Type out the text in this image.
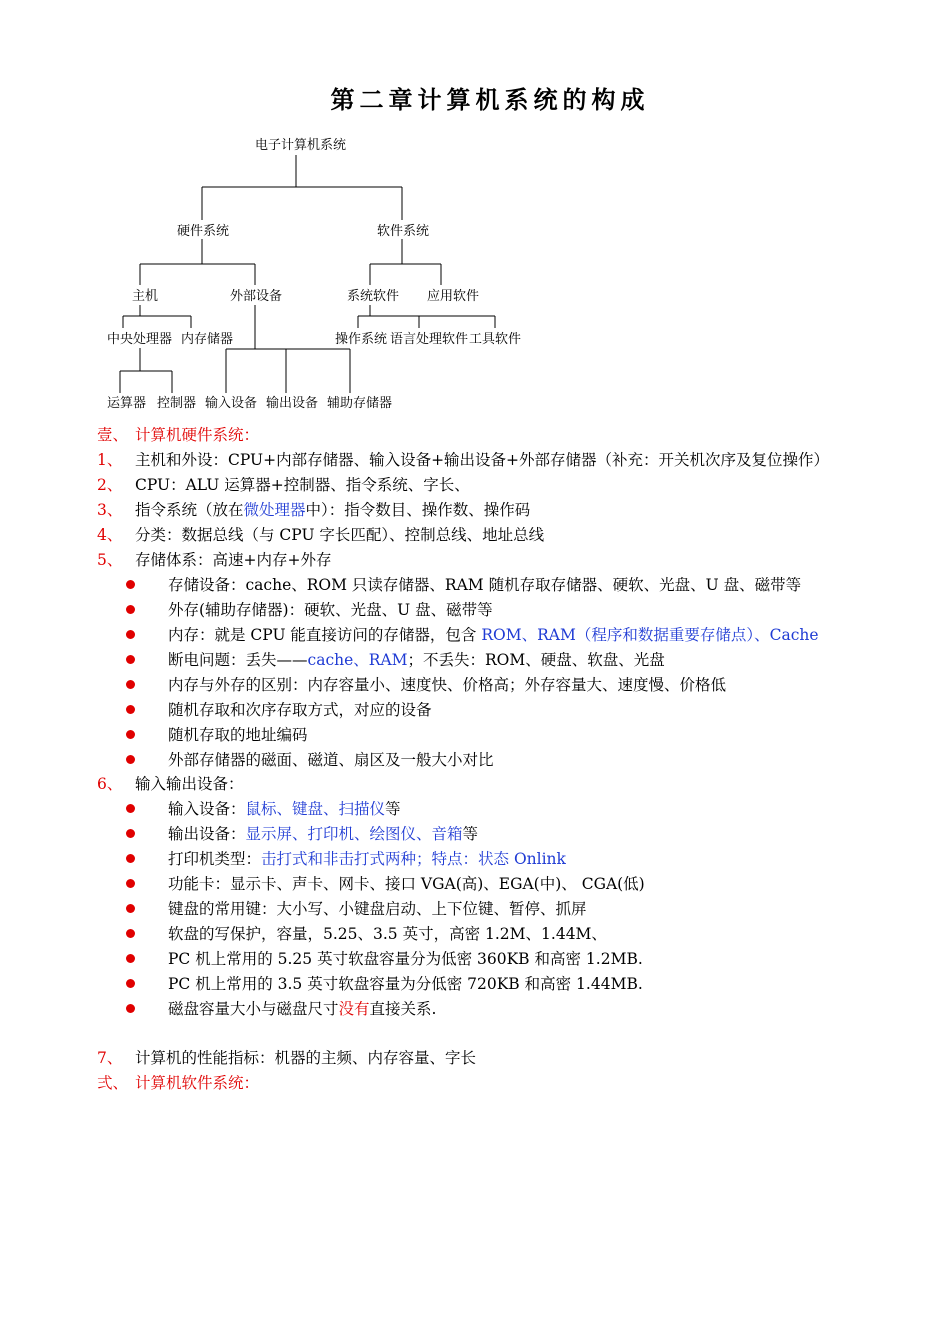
第二章计算机系统的构成
电子计算机系统
硬件系统	软件系统
主机	外部设备	系统软件 应用软件
中央处理器 内存储器	操作系统 语言处理软件 工具软件
运算器 控制器 输入设备 输出设备 辅助存储器
壹、 计算机硬件系统：
1、 主机和外设：CPU+内部存储器、输入设备+输出设备+外部存储器（补充：开关机次序及复位操作）
2、 CPU：ALU 运算器+控制器、指令系统、字长、
3、 指令系统（放在微处理器中）：指令数目、操作数、操作码
4、 分类：数据总线（与 CPU 字长匹配）、控制总线、地址总线
5、 存储体系：高速+内存+外存
存储设备：cache、ROM 只读存储器、RAM 随机存取存储器、硬软、光盘、U 盘、磁带等
外存(辅助存储器)：硬软、光盘、U 盘、磁带等
内存：就是 CPU 能直接访问的存储器，包含 ROM、RAM（程序和数据重要存储点）、Cache
断电问题：丢失——cache、RAM；不丢失：ROM、硬盘、软盘、光盘
内存与外存的区别：内存容量小、速度快、价格高；外存容量大、速度慢、价格低
随机存取和次序存取方式，对应的设备
随机存取的地址编码
外部存储器的磁面、磁道、扇区及一般大小对比
6、 输入输出设备：
输入设备：鼠标、键盘、扫描仪等
输出设备：显示屏、打印机、绘图仪、音箱等
打印机类型：击打式和非击打式两种；特点：状态 Onlink
功能卡：显示卡、声卡、网卡、接口 VGA(高)、EGA(中)、 CGA(低)
键盘的常用键：大小写、小键盘启动、上下位键、暂停、抓屏
软盘的写保护，容量，5.25、3.5 英寸，高密 1.2M、1.44M、
PC 机上常用的 5.25 英寸软盘容量分为低密 360KB 和高密 1.2MB.
PC 机上常用的 3.5 英寸软盘容量为分低密 720KB 和高密 1.44MB.
磁盘容量大小与磁盘尺寸没有直接关系.
7、 计算机的性能指标：机器的主频、内存容量、字长
弍、 计算机软件系统：
